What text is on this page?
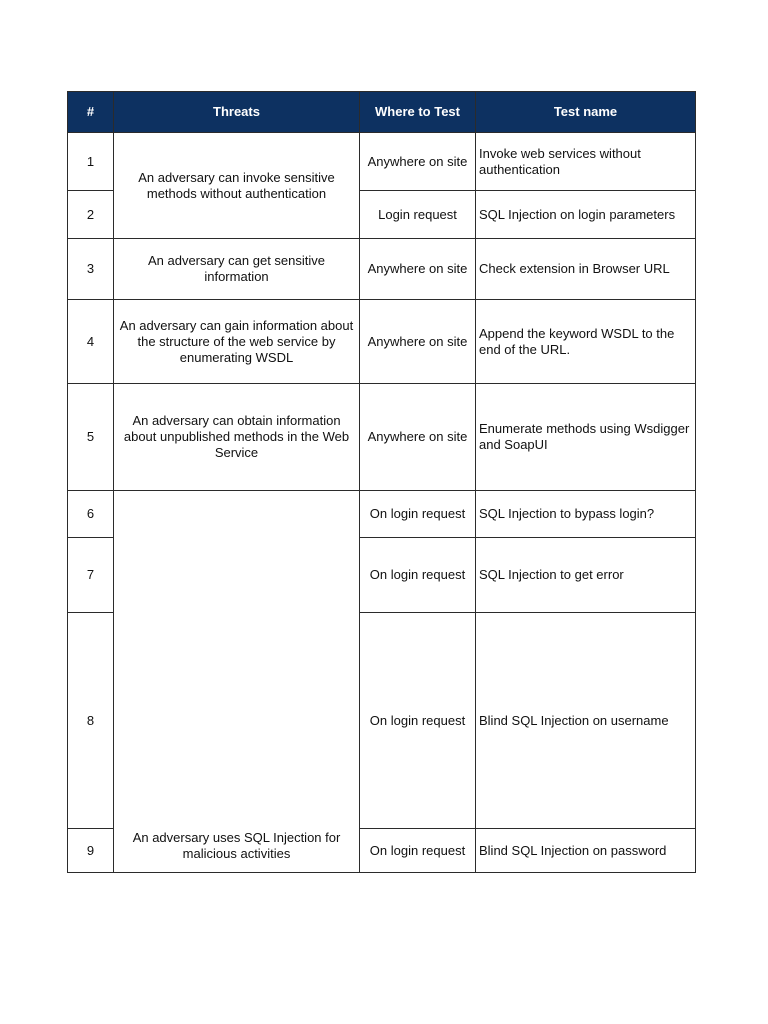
#	Threats	Where to Test	Test name
1	An adversary can invoke sensitive methods without authentication	Anywhere on site	Invoke web services without authentication
2		Login request	SQL Injection on login parameters
3	An adversary can get sensitive information	Anywhere on site	Check extension in Browser URL
4	An adversary can gain information about the structure of the web service by enumerating WSDL	Anywhere on site	Append the keyword WSDL to the end of the URL.
5	An adversary can obtain information about unpublished methods in the Web Service	Anywhere on site	Enumerate methods using Wsdigger and SoapUI
6	An adversary uses SQL Injection for malicious activities	On login request	SQL Injection to bypass login?
7		On login request	SQL Injection to get error
8		On login request	Blind SQL Injection on username
9		On login request	Blind SQL Injection on password
